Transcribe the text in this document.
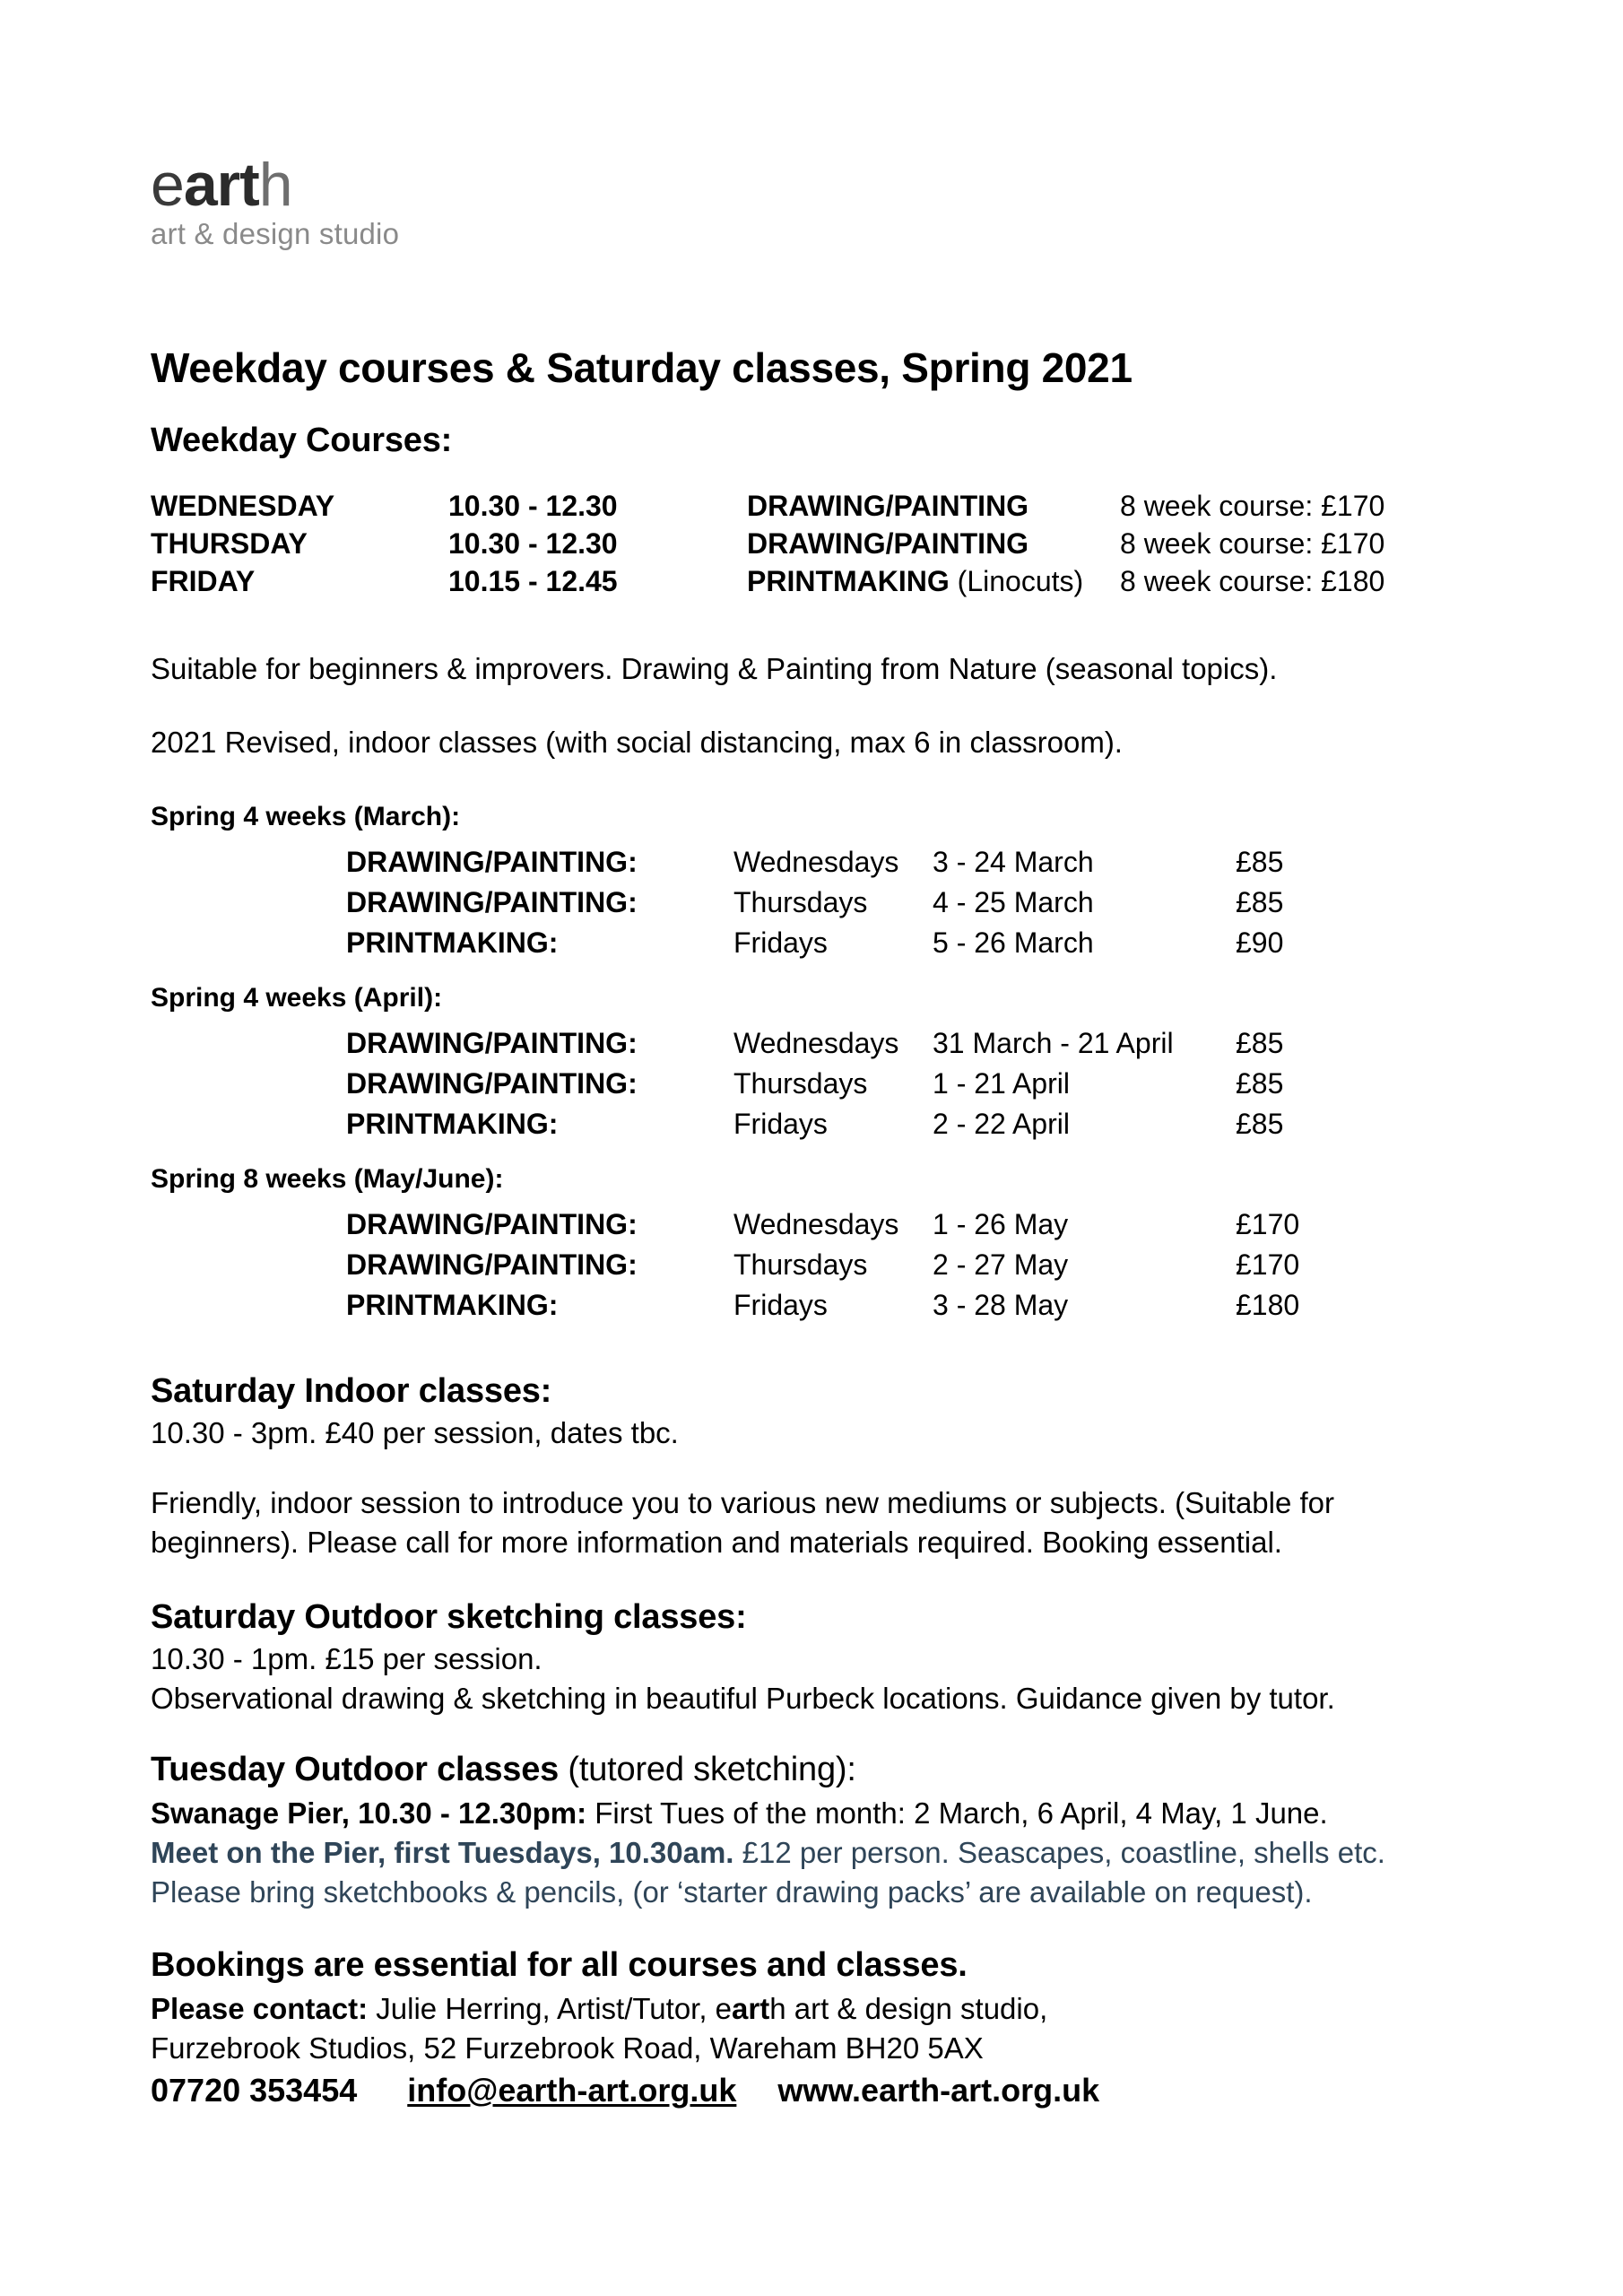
earth
art & design studio
Weekday courses & Saturday classes, Spring 2021
Weekday Courses:
WEDNESDAY	10.30 - 12.30	DRAWING/PAINTING	8 week course: £170
THURSDAY	10.30 - 12.30	DRAWING/PAINTING	8 week course: £170
FRIDAY	10.15 - 12.45	PRINTMAKING (Linocuts) 8 week course: £180
Suitable for beginners & improvers. Drawing & Painting from Nature (seasonal topics).
2021 Revised, indoor classes (with social distancing, max 6 in classroom).
Spring 4 weeks (March):
DRAWING/PAINTING:	Wednesdays 3 - 24 March	£85
DRAWING/PAINTING:	Thursdays 4 - 25 March	£85
PRINTMAKING:	Fridays	5 - 26 March	£90
Spring 4 weeks (April):
DRAWING/PAINTING:	Wednesdays 31 March - 21 April £85
DRAWING/PAINTING:	Thursdays 1 - 21 April	£85
PRINTMAKING:	Fridays	2 - 22 April	£85
Spring 8 weeks (May/June):
DRAWING/PAINTING:	Wednesdays 1 - 26 May	£170
DRAWING/PAINTING:	Thursdays 2 - 27 May	£170
PRINTMAKING:	Fridays	3 - 28 May	£180
Saturday Indoor classes:
10.30 - 3pm. £40 per session, dates tbc.
Friendly, indoor session to introduce you to various new mediums or subjects. (Suitable for
beginners). Please call for more information and materials required. Booking essential.
Saturday Outdoor sketching classes:
10.30 - 1pm. £15 per session.
Observational drawing & sketching in beautiful Purbeck locations. Guidance given by tutor.
Tuesday Outdoor classes (tutored sketching):
Swanage Pier, 10.30 - 12.30pm: First Tues of the month: 2 March, 6 April, 4 May, 1 June.
Meet on the Pier, first Tuesdays, 10.30am. £12 per person. Seascapes, coastline, shells etc.
Please bring sketchbooks & pencils, (or ‘starter drawing packs’ are available on request).
Bookings are essential for all courses and classes.
Please contact: Julie Herring, Artist/Tutor, earth art & design studio,
Furzebrook Studios, 52 Furzebrook Road, Wareham BH20 5AX
07720 353454 info@earth-art.org.uk www.earth-art.org.uk
